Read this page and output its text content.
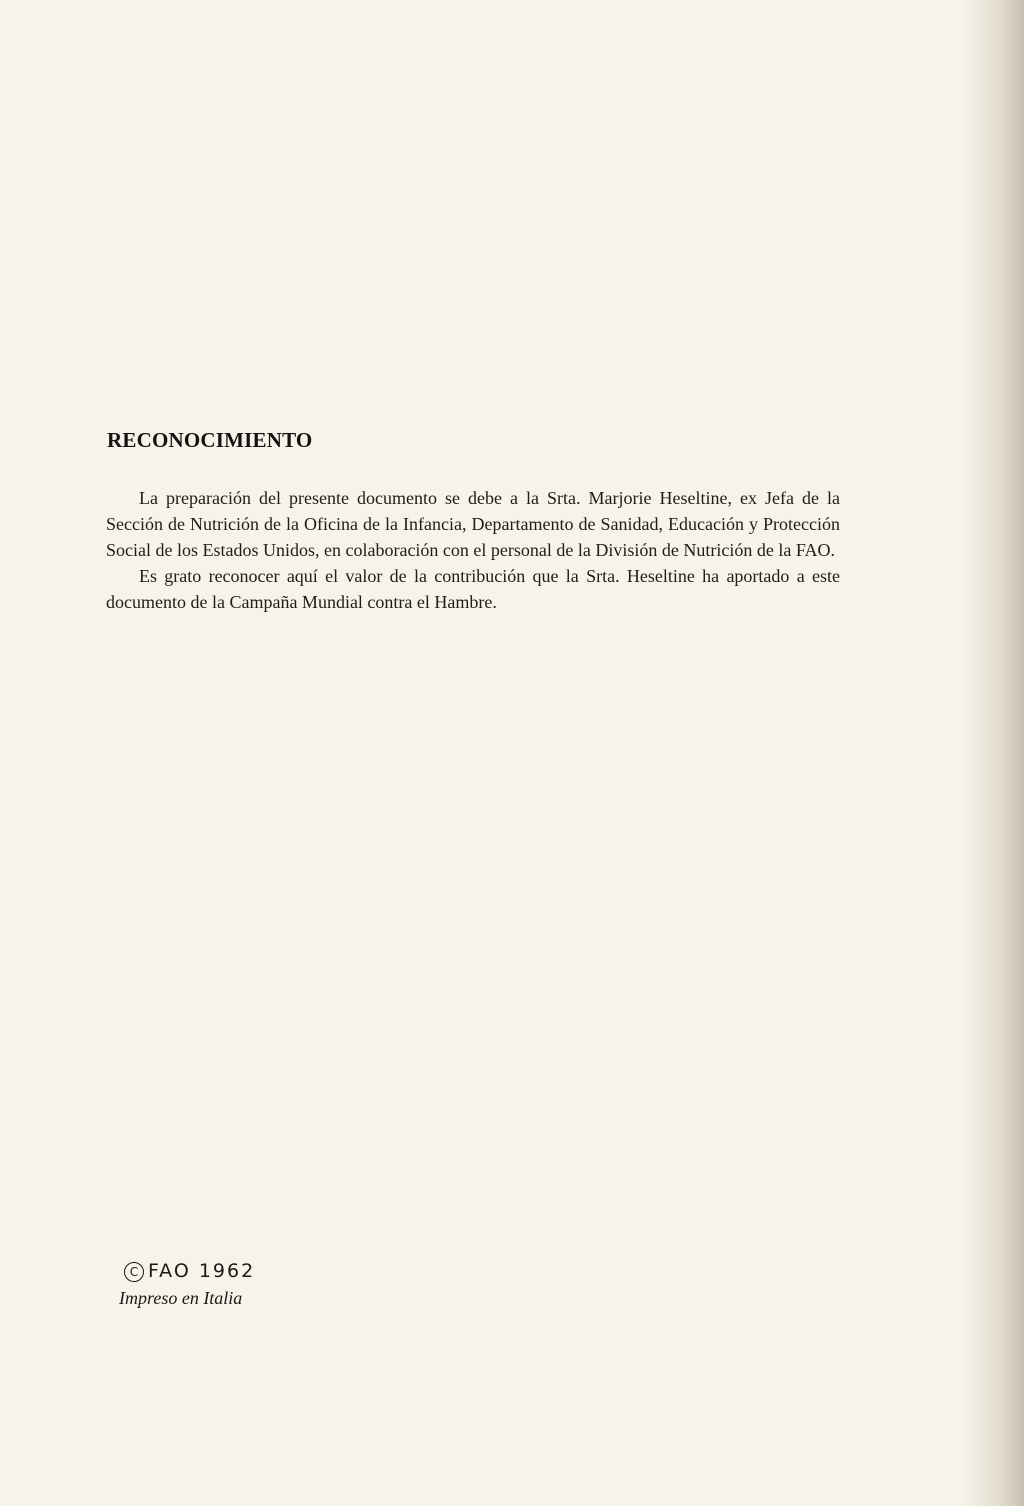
RECONOCIMIENTO

La preparación del presente documento se debe a la Srta. Marjorie Heseltine, ex Jefa de la Sección de Nutrición de la Oficina de la Infancia, Departamento de Sanidad, Educación y Protección Social de los Estados Unidos, en colaboración con el personal de la División de Nutrición de la FAO.

Es grato reconocer aquí el valor de la contribución que la Srta. Heseltine ha aportado a este documento de la Campaña Mundial contra el Hambre.

C FAO 1962
Impreso en Italia
